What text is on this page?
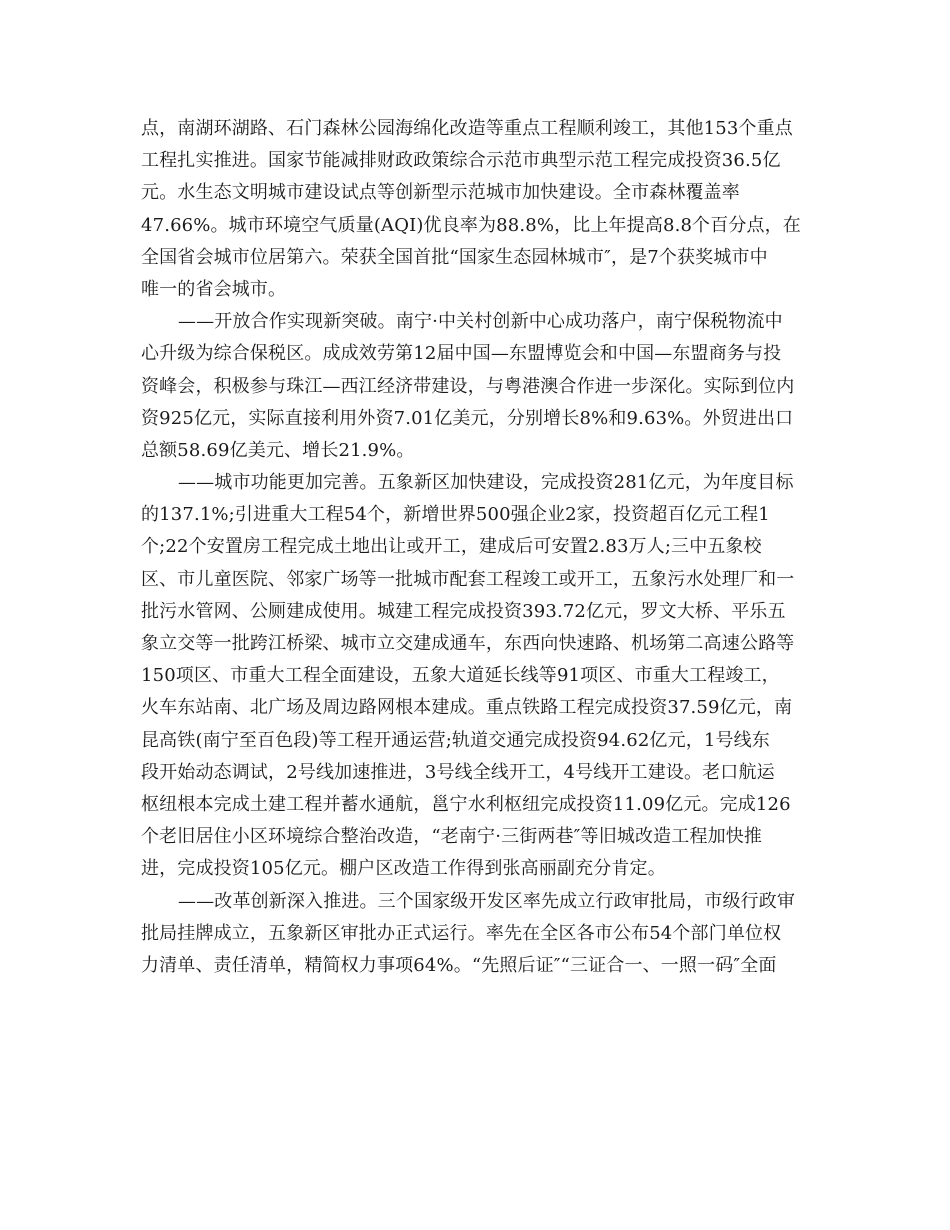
点，南湖环湖路、石门森林公园海绵化改造等重点工程顺利竣工，其他153个重点
工程扎实推进。国家节能减排财政政策综合示范市典型示范工程完成投资36.5亿
元。水生态文明城市建设试点等创新型示范城市加快建设。全市森林覆盖率
47.66%。城市环境空气质量(AQI)优良率为88.8%，比上年提高8.8个百分点，在
全国省会城市位居第六。荣获全国首批“国家生态园林城市″，是7个获奖城市中
唯一的省会城市。
——开放合作实现新突破。南宁·中关村创新中心成功落户，南宁保税物流中
心升级为综合保税区。成成效劳第12届中国—东盟博览会和中国—东盟商务与投
资峰会，积极参与珠江—西江经济带建设，与粤港澳合作进一步深化。实际到位内
资925亿元，实际直接利用外资7.01亿美元，分别增长8%和9.63%。外贸进出口
总额58.69亿美元、增长21.9%。
——城市功能更加完善。五象新区加快建设，完成投资281亿元，为年度目标
的137.1%;引进重大工程54个，新增世界500强企业2家，投资超百亿元工程1
个;22个安置房工程完成土地出让或开工，建成后可安置2.83万人;三中五象校
区、市儿童医院、邻家广场等一批城市配套工程竣工或开工，五象污水处理厂和一
批污水管网、公厕建成使用。城建工程完成投资393.72亿元，罗文大桥、平乐五
象立交等一批跨江桥梁、城市立交建成通车，东西向快速路、机场第二高速公路等
150项区、市重大工程全面建设，五象大道延长线等91项区、市重大工程竣工，
火车东站南、北广场及周边路网根本建成。重点铁路工程完成投资37.59亿元，南
昆高铁(南宁至百色段)等工程开通运营;轨道交通完成投资94.62亿元，1号线东
段开始动态调试，2号线加速推进，3号线全线开工，4号线开工建设。老口航运
枢纽根本完成土建工程并蓄水通航，邕宁水利枢纽完成投资11.09亿元。完成126
个老旧居住小区环境综合整治改造，“老南宁·三街两巷″等旧城改造工程加快推
进，完成投资105亿元。棚户区改造工作得到张高丽副充分肯定。
——改革创新深入推进。三个国家级开发区率先成立行政审批局，市级行政审
批局挂牌成立，五象新区审批办正式运行。率先在全区各市公布54个部门单位权
力清单、责任清单，精简权力事项64%。“先照后证″“三证合一、一照一码″全面
